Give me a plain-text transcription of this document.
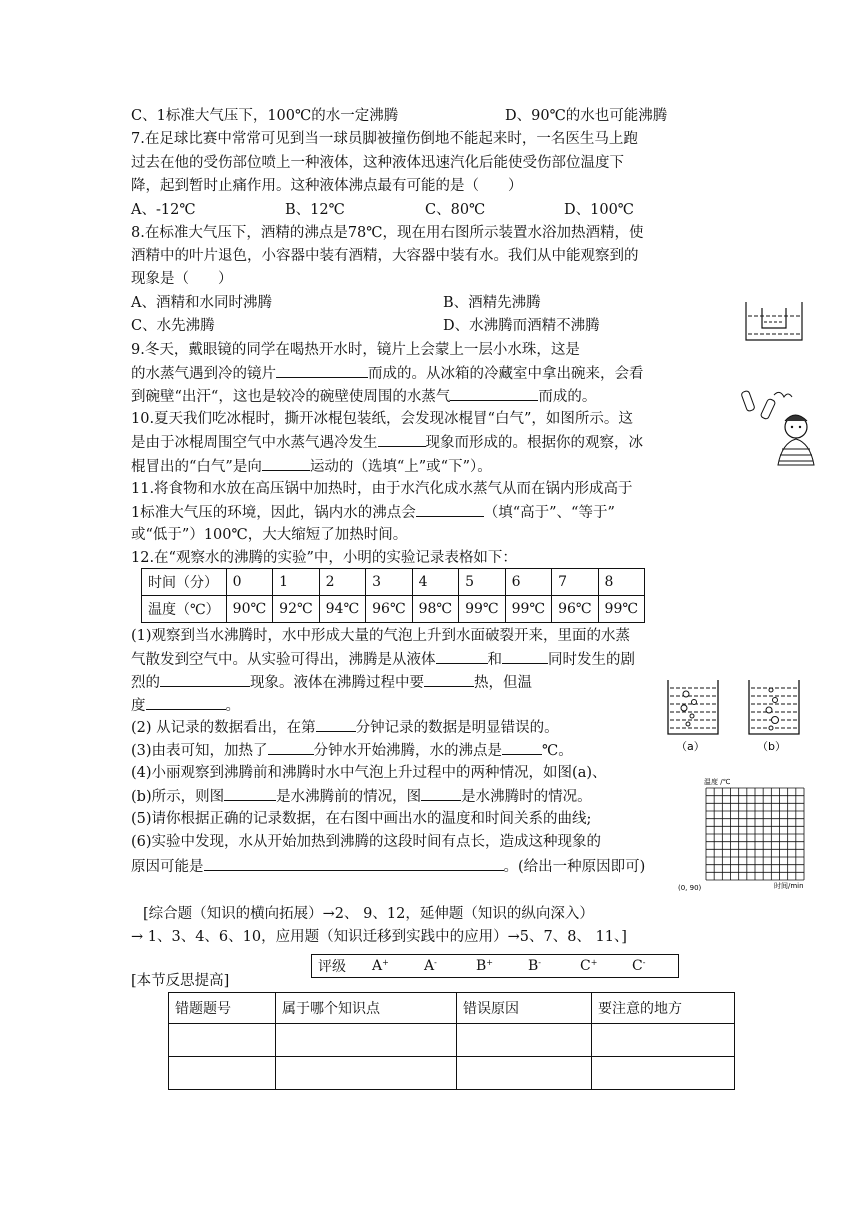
C、1标准大气压下，100℃的水一定沸腾	D、90℃的水也可能沸腾
7.在足球比赛中常常可见到当一球员脚被撞伤倒地不能起来时，一名医生马上跑
过去在他的受伤部位喷上一种液体，这种液体迅速汽化后能使受伤部位温度下
降，起到暂时止痛作用。这种液体沸点最有可能的是（　　）
A、-12℃	B、12℃	C、80℃	D、100℃
8.在标准大气压下，酒精的沸点是78℃，现在用右图所示装置水浴加热酒精，使
酒精中的叶片退色，小容器中装有酒精，大容器中装有水。我们从中能观察到的
现象是（　　）
A、酒精和水同时沸腾	B、酒精先沸腾
C、水先沸腾	D、水沸腾而酒精不沸腾
9.冬天，戴眼镜的同学在喝热开水时，镜片上会蒙上一层小水珠，这是
的水蒸气遇到冷的镜片	而成的。从冰箱的冷藏室中拿出碗来，会看
到碗壁“出汗“，这也是较冷的碗壁使周围的水蒸气	而成的。
10.夏天我们吃冰棍时，撕开冰棍包装纸，会发现冰棍冒“白气”，如图所示。这
是由于冰棍周围空气中水蒸气遇冷发生	现象而形成的。根据你的观察，冰
棍冒出的“白气”是向	运动的（选填“上”或“下”）。
11.将食物和水放在高压锅中加热时，由于水汽化成水蒸气从而在锅内形成高于
1标准大气压的环境，因此，锅内水的沸点会	（填“高于”、“等于”
或“低于”）100℃，大大缩短了加热时间。
12.在“观察水的沸腾的实验”中，小明的实验记录表格如下：
时间（分）	0	1	2	3	4	5	6	7	8
温度（℃）	90℃	92℃	94℃	96℃	98℃	99℃	99℃	96℃	99℃
(1)观察到当水沸腾时，水中形成大量的气泡上升到水面破裂开来，里面的水蒸
气散发到空气中。从实验可得出，沸腾是从液体	和	同时发生的剧
烈的	现象。液体在沸腾过程中要	热，但温
度	。
(2) 从记录的数据看出，在第	分钟记录的数据是明显错误的。
(3)由表可知，加热了	分钟水开始沸腾，水的沸点是	℃。
(4)小丽观察到沸腾前和沸腾时水中气泡上升过程中的两种情况，如图(a)、
(b)所示，则图	是水沸腾前的情况，图	是水沸腾时的情况。
(5)请你根据正确的记录数据，在右图中画出水的温度和时间关系的曲线;
(6)实验中发现，水从开始加热到沸腾的这段时间有点长，造成这种现象的
原因可能是	。(给出一种原因即可)
（a）	（b）
温度 /℃
(0, 90)	时间/min
[综合题（知识的横向拓展）→2、 9、12，延伸题（知识的纵向深入）
→ 1、3、4、6、10，应用题（知识迁移到实践中的应用）→5、7、8、 11、]
评级	A+	A-	B+	B-	C+	C-
[本节反思提高]
错题题号	属于哪个知识点	错误原因	要注意的地方
